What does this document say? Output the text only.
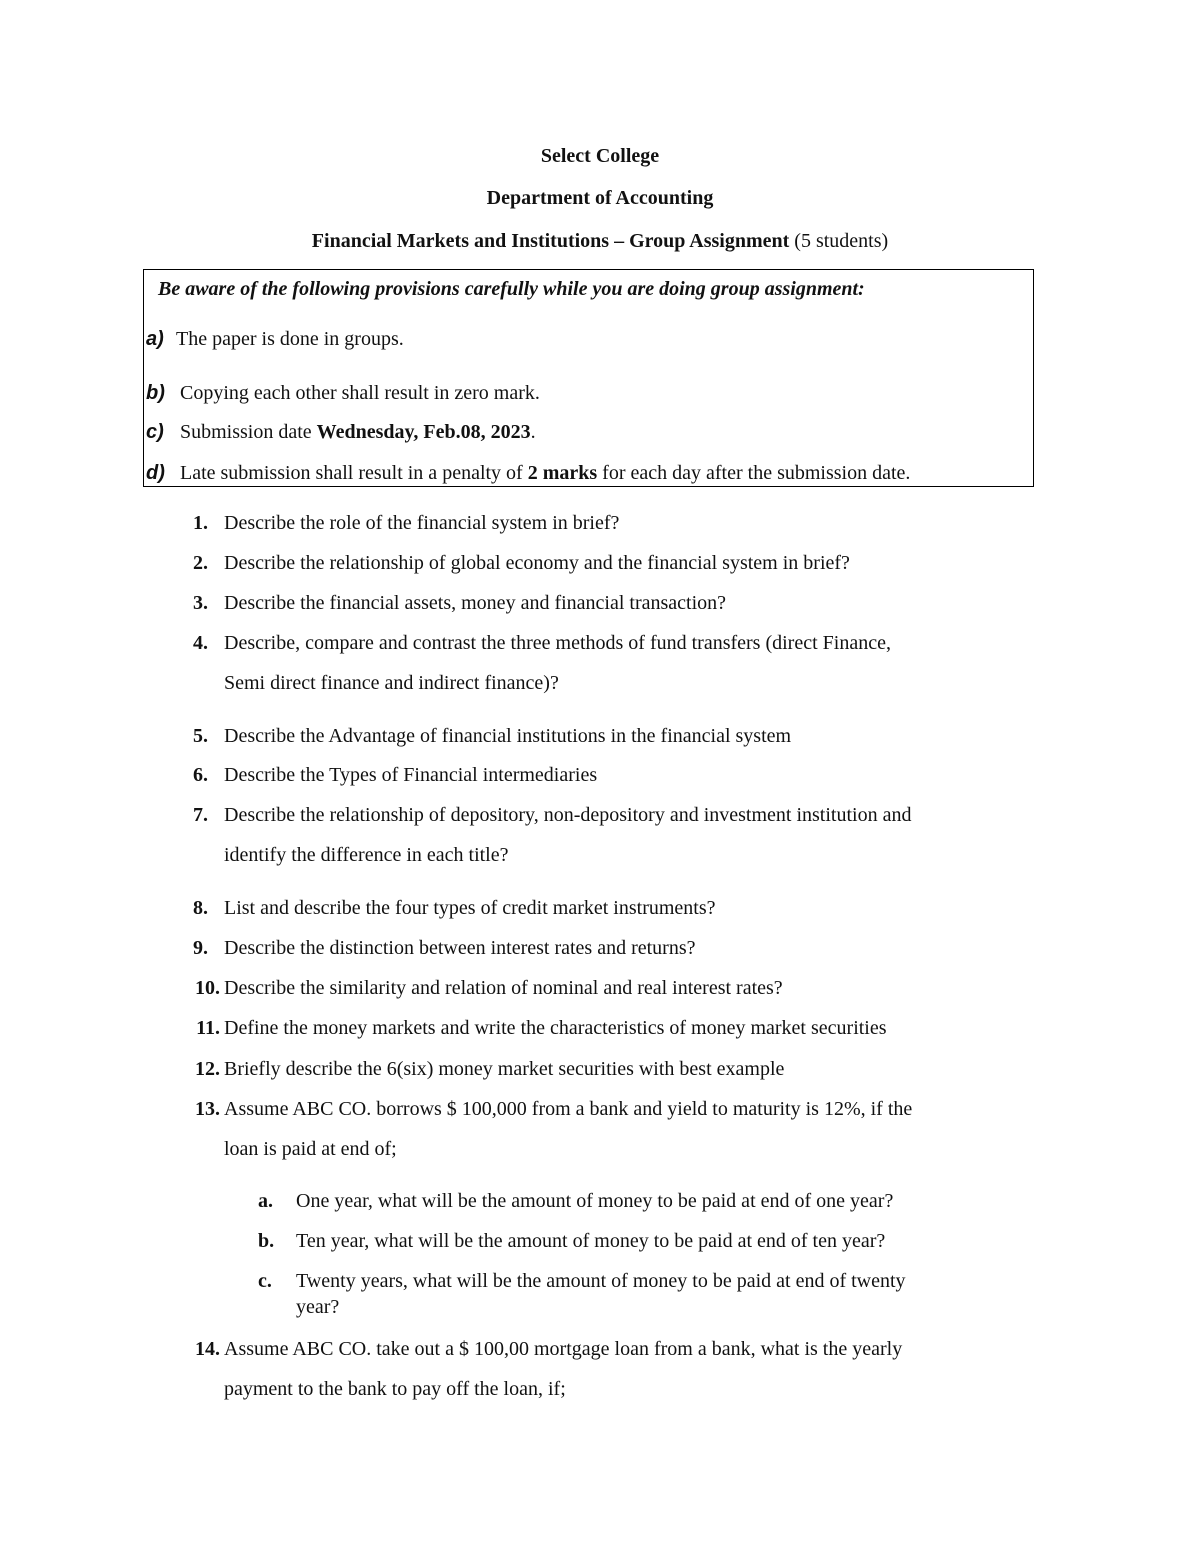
Select College
Department of Accounting
Financial Markets and Institutions – Group Assignment (5 students)
Be aware of the following provisions carefully while you are doing group assignment:
a) The paper is done in groups.
b) Copying each other shall result in zero mark.
c) Submission date Wednesday, Feb.08, 2023.
d) Late submission shall result in a penalty of 2 marks for each day after the submission date.
1. Describe the role of the financial system in brief?
2. Describe the relationship of global economy and the financial system in brief?
3. Describe the financial assets, money and financial transaction?
4. Describe, compare and contrast the three methods of fund transfers (direct Finance,
Semi direct finance and indirect finance)?
5. Describe the Advantage of financial institutions in the financial system
6. Describe the Types of Financial intermediaries
7. Describe the relationship of depository, non-depository and investment institution and
identify the difference in each title?
8. List and describe the four types of credit market instruments?
9. Describe the distinction between interest rates and returns?
10. Describe the similarity and relation of nominal and real interest rates?
11. Define the money markets and write the characteristics of money market securities
12. Briefly describe the 6(six) money market securities with best example
13. Assume ABC CO. borrows $ 100,000 from a bank and yield to maturity is 12%, if the
loan is paid at end of;
a. One year, what will be the amount of money to be paid at end of one year?
b. Ten year, what will be the amount of money to be paid at end of ten year?
c. Twenty years, what will be the amount of money to be paid at end of twenty
year?
14. Assume ABC CO. take out a $ 100,00 mortgage loan from a bank, what is the yearly
payment to the bank to pay off the loan, if;
